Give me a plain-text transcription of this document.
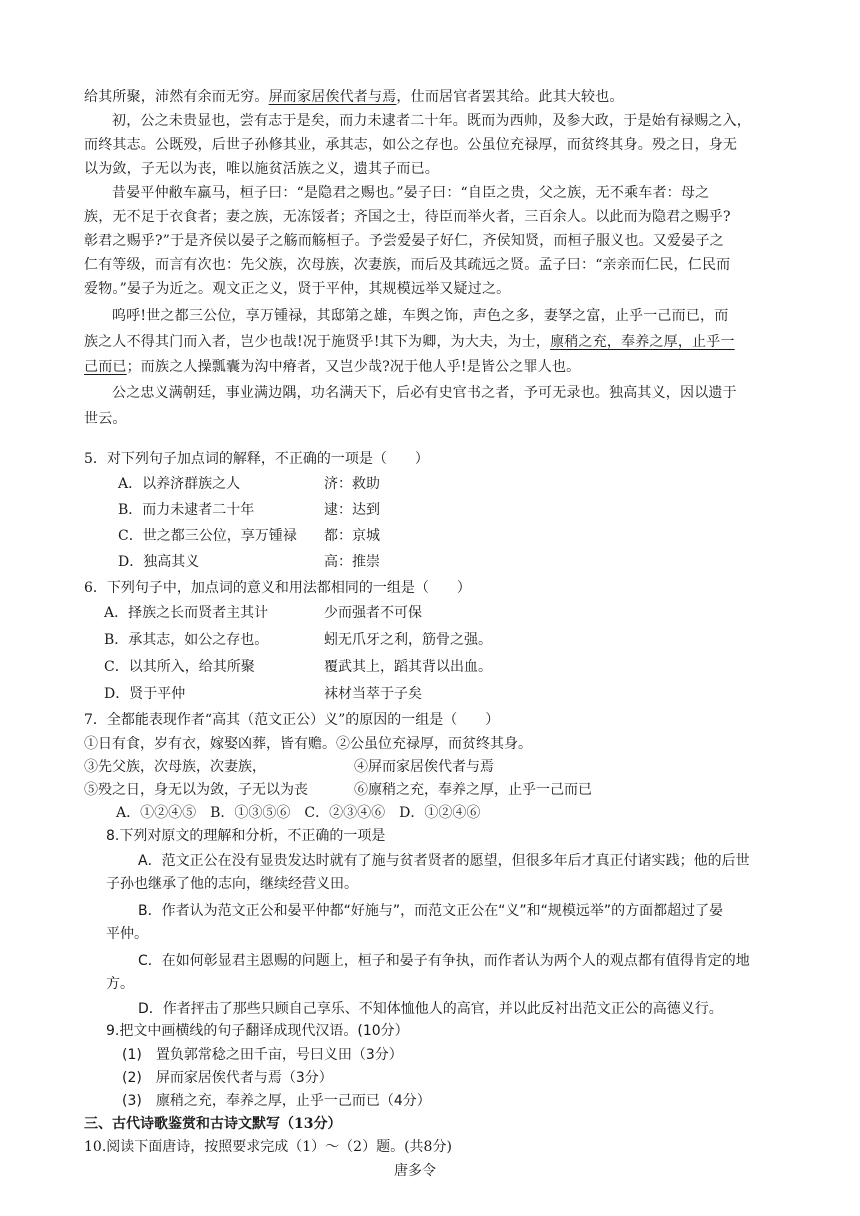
给其所聚，沛然有余而无穷。屏而家居俟代者与焉，仕而居官者罢其给。此其大较也。

初，公之未贵显也，尝有志于是矣，而力未逮者二十年。既而为西帅，及参大政，于是始有禄赐之入，

而终其志。公既殁，后世子孙修其业，承其志，如公之存也。公虽位充禄厚，而贫终其身。殁之日，身无

以为敛，子无以为丧，唯以施贫活族之义，遗其子而已。

昔晏平仲敝车羸马，桓子曰：“是隐君之赐也。”晏子曰：“自臣之贵，父之族，无不乘车者：母之

族，无不足于衣食者；妻之族，无冻馁者；齐国之士，待臣而举火者，三百余人。以此而为隐君之赐乎?

彰君之赐乎?”于是齐侯以晏子之觞而觞桓子。予尝爱晏子好仁，齐侯知贤，而桓子服义也。又爱晏子之

仁有等级，而言有次也：先父族，次母族，次妻族，而后及其疏远之贤。孟子曰：“亲亲而仁民，仁民而

爱物。”晏子为近之。观文正之义，贤于平仲，其规模远举又疑过之。

呜呼!世之都三公位，享万锺禄，其邸第之雄，车舆之饰，声色之多，妻孥之富，止乎一己而已，而

族之人不得其门而入者，岂少也哉!况于施贤乎!其下为卿，为大夫，为士，廪稍之充，奉养之厚，止乎一

己而已；而族之人操瓢囊为沟中瘠者，又岂少哉?况于他人乎!是皆公之罪人也。

公之忠义满朝廷，事业满边隅，功名满天下，后必有史官书之者，予可无录也。独高其义，因以遗于

世云。

5．对下列句子加点词的解释，不正确的一项是（　　）

A．以养济群族之人	济：救助

B．而力未逮者二十年	逮：达到

C．世之都三公位，享万锺禄 都：京城

D．独高其义	高：推崇

6．下列句子中，加点词的意义和用法都相同的一组是（　　）

A．择族之长而贤者主其计	少而强者不可保

B．承其志，如公之存也。	蚓无爪牙之利，筋骨之强。

C．以其所入，给其所聚	覆武其上，蹈其背以出血。

D．贤于平仲	袜材当萃于子矣

7．全都能表现作者“高其（范文正公）义”的原因的一组是（　　）

①日有食，岁有衣，嫁娶凶葬，皆有赡。②公虽位充禄厚，而贫终其身。

③先父族，次母族，次妻族，	④屏而家居俟代者与焉

⑤殁之日，身无以为敛，子无以为丧	⑥廪稍之充，奉养之厚，止乎一己而已

A．①②④⑤　B．①③⑤⑥　C．②③④⑥　D．①②④⑥

8.下列对原文的理解和分析，不正确的一项是

A．范文正公在没有显贵发达时就有了施与贫者贤者的愿望，但很多年后才真正付诸实践；他的后世

子孙也继承了他的志向，继续经营义田。

B．作者认为范文正公和晏平仲都“好施与”，而范文正公在“义”和“规模远举”的方面都超过了晏

平仲。

C．在如何彰显君主恩赐的问题上，桓子和晏子有争执，而作者认为两个人的观点都有值得肯定的地

方。

D．作者抨击了那些只顾自己享乐、不知体恤他人的高官，并以此反衬出范文正公的高德义行。

9.把文中画横线的句子翻译成现代汉语。(10分）

(1)　置负郭常稔之田千亩，号曰义田（3分）

(2)　屏而家居俟代者与焉（3分）

(3)　廪稍之充，奉养之厚，止乎一己而已（4分）

三、古代诗歌鉴赏和古诗文默写（13分）

10.阅读下面唐诗，按照要求完成（1）～（2）题。(共8分)

唐多令
